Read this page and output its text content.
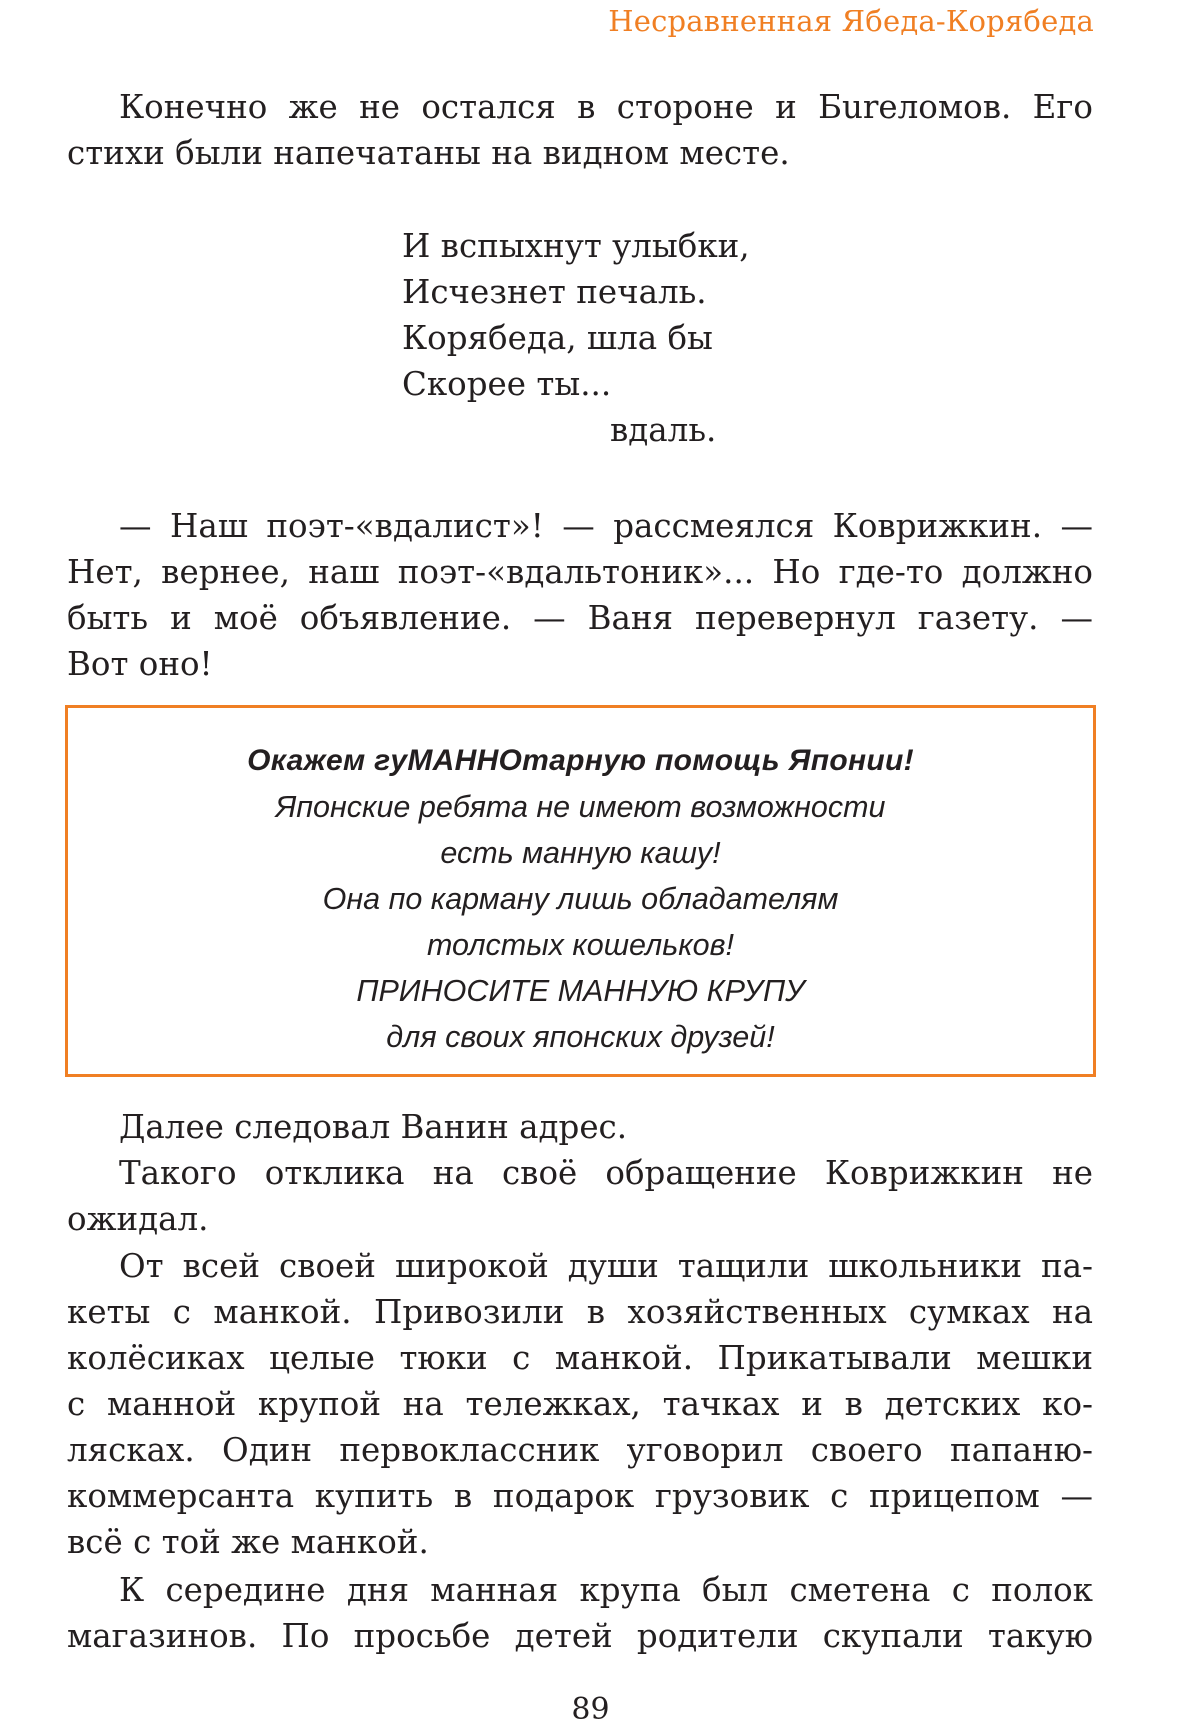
Несравненная Ябеда-Корябеда
Конечно же не остался в стороне и Бureломов. Его
стихи были напечатаны на видном месте.
И вспыхнут улыбки,
Исчезнет печаль.
Корябеда, шла бы
Скорее ты...
вдаль.
— Наш поэт-«вдалист»! — рассмеялся Коврижкин. —
Нет, вернее, наш поэт-«вдальтоник»... Но где-то должно
быть и моё объявление. — Ваня перевернул газету. —
Вот оно!
Окажем гуМАННОтарную помощь Японии!
Японские ребята не имеют возможности
есть манную кашу!
Она по карману лишь обладателям
толстых кошельков!
ПРИНОСИТЕ МАННУЮ КРУПУ
для своих японских друзей!
Далее следовал Ванин адрес.
Такого отклика на своё обращение Коврижкин не
ожидал.
От всей своей широкой души тащили школьники па-
кеты с манкой. Привозили в хозяйственных сумках на
колёсиках целые тюки с манкой. Прикатывали мешки
с манной крупой на тележках, тачках и в детских ко-
лясках. Один первоклассник уговорил своего папаню-
коммерсанта купить в подарок грузовик с прицепом —
всё с той же манкой.
К середине дня манная крупа был сметена с полок
магазинов. По просьбе детей родители скупали такую
89
